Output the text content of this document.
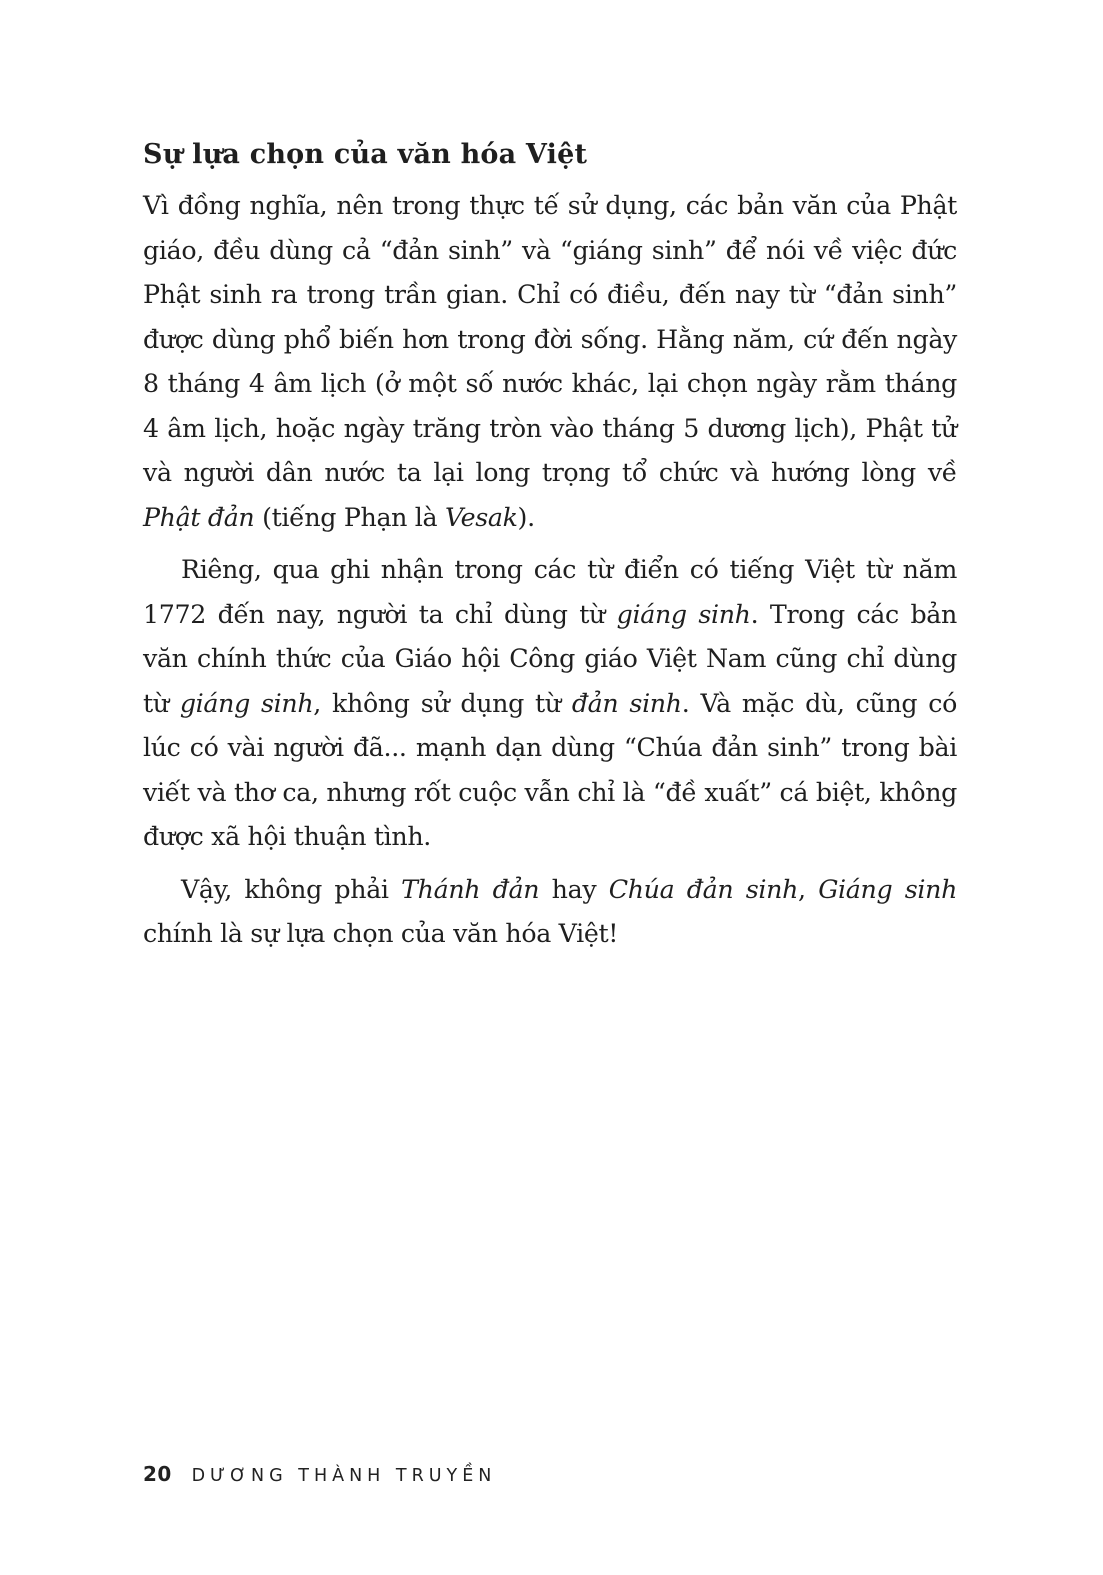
Sự lựa chọn của văn hóa Việt

Vì đồng nghĩa, nên trong thực tế sử dụng, các bản văn của Phật giáo, đều dùng cả “đản sinh” và “giáng sinh” để nói về việc đức Phật sinh ra trong trần gian. Chỉ có điều, đến nay từ “đản sinh” được dùng phổ biến hơn trong đời sống. Hằng năm, cứ đến ngày 8 tháng 4 âm lịch (ở một số nước khác, lại chọn ngày rằm tháng 4 âm lịch, hoặc ngày trăng tròn vào tháng 5 dương lịch), Phật tử và người dân nước ta lại long trọng tổ chức và hướng lòng về Phật đản (tiếng Phạn là Vesak).

Riêng, qua ghi nhận trong các từ điển có tiếng Việt từ năm 1772 đến nay, người ta chỉ dùng từ giáng sinh. Trong các bản văn chính thức của Giáo hội Công giáo Việt Nam cũng chỉ dùng từ giáng sinh, không sử dụng từ đản sinh. Và mặc dù, cũng có lúc có vài người đã... mạnh dạn dùng “Chúa đản sinh” trong bài viết và thơ ca, nhưng rốt cuộc vẫn chỉ là “đề xuất” cá biệt, không được xã hội thuận tình.

Vậy, không phải Thánh đản hay Chúa đản sinh, Giáng sinh chính là sự lựa chọn của văn hóa Việt!

20 DƯƠNG THÀNH TRUYỀN
